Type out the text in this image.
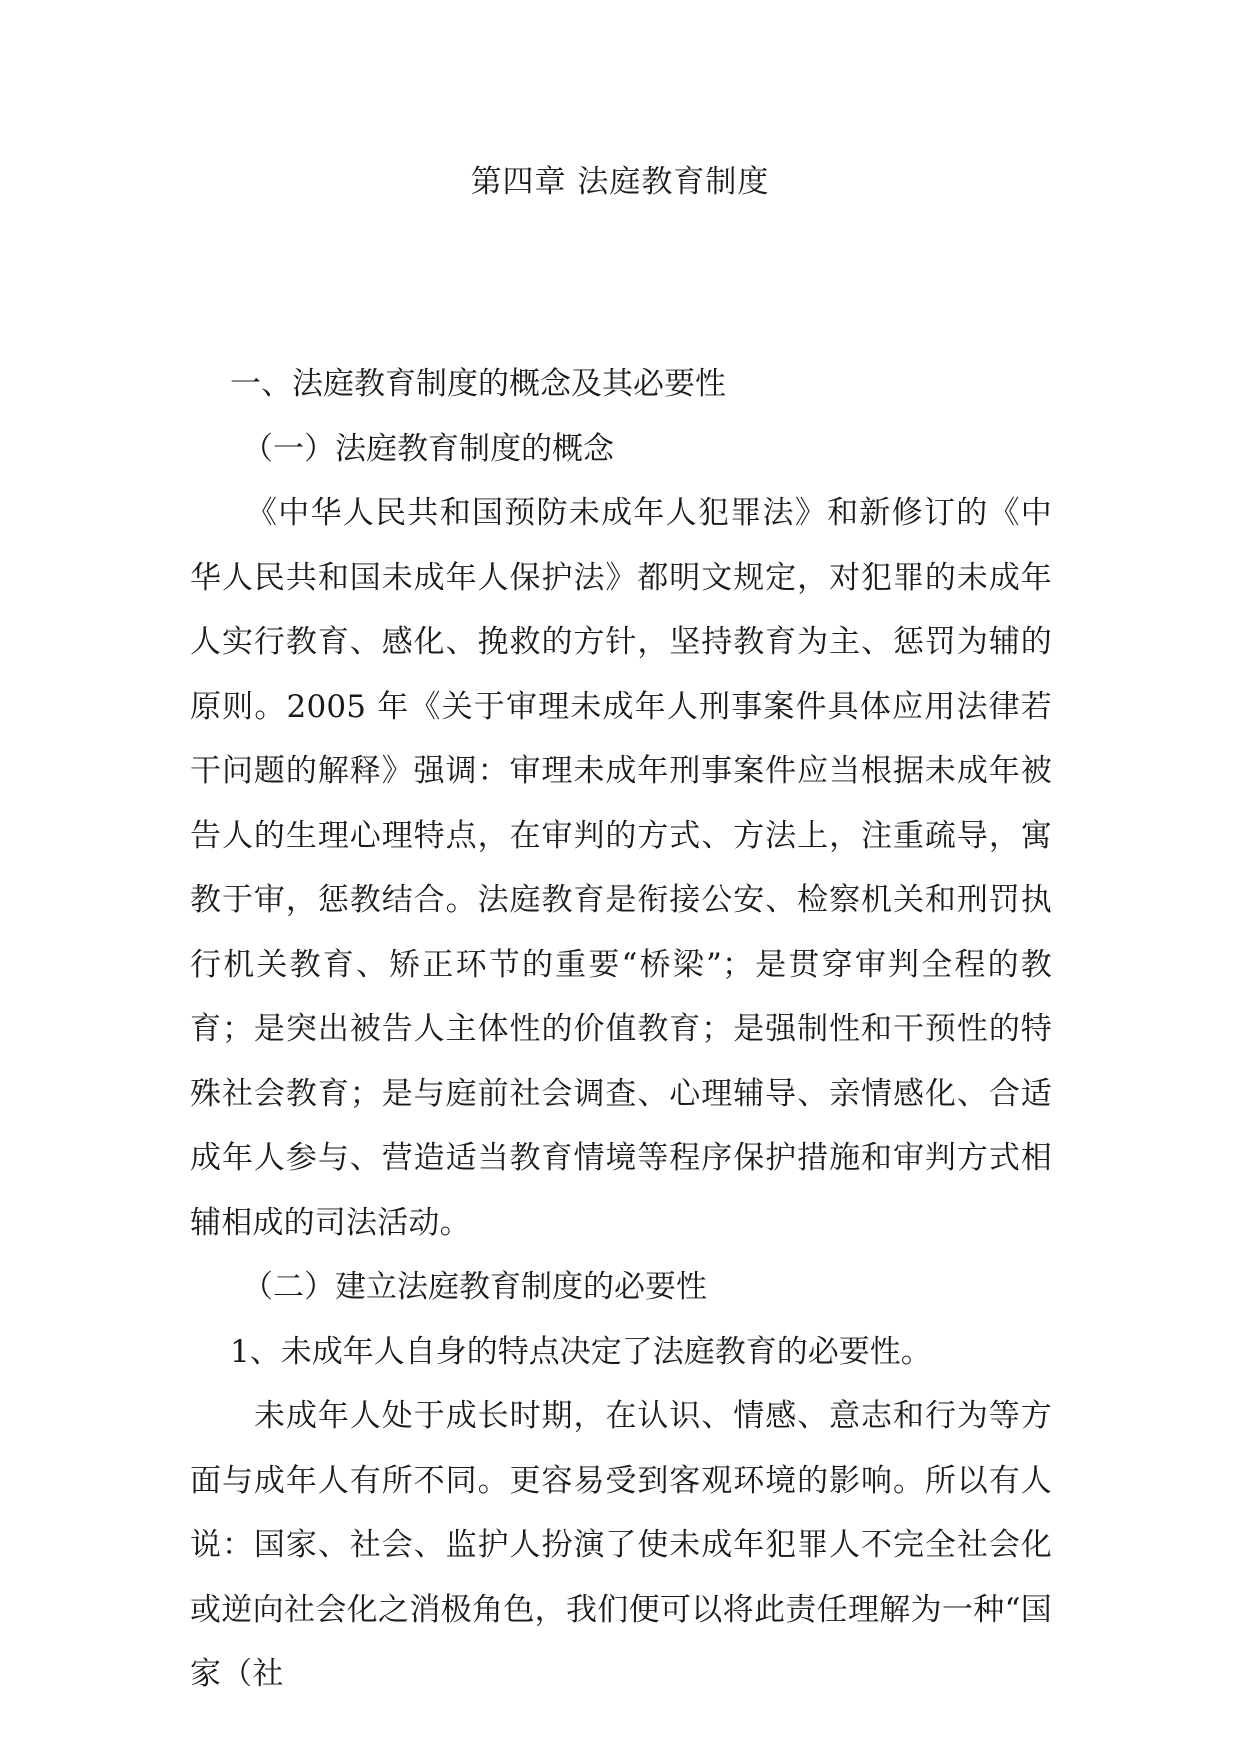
第四章 法庭教育制度
一、法庭教育制度的概念及其必要性
（一）法庭教育制度的概念

《中华人民共和国预防未成年人犯罪法》和新修订的《中华人民共和国未成年人保护法》都明文规定，对犯罪的未成年人实行教育、感化、挽救的方针，坚持教育为主、惩罚为辅的原则。2005 年《关于审理未成年人刑事案件具体应用法律若干问题的解释》强调：审理未成年刑事案件应当根据未成年被告人的生理心理特点，在审判的方式、方法上，注重疏导，寓教于审，惩教结合。法庭教育是衔接公安、检察机关和刑罚执行机关教育、矫正环节的重要“桥梁”；是贯穿审判全程的教育；是突出被告人主体性的价值教育；是强制性和干预性的特殊社会教育；是与庭前社会调查、心理辅导、亲情感化、合适成年人参与、营造适当教育情境等程序保护措施和审判方式相辅相成的司法活动。

（二）建立法庭教育制度的必要性

1、未成年人自身的特点决定了法庭教育的必要性。

未成年人处于成长时期，在认识、情感、意志和行为等方面与成年人有所不同。更容易受到客观环境的影响。所以有人说：国家、社会、监护人扮演了使未成年犯罪人不完全社会化或逆向社会化之消极角色，我们便可以将此责任理解为一种“国家（社
